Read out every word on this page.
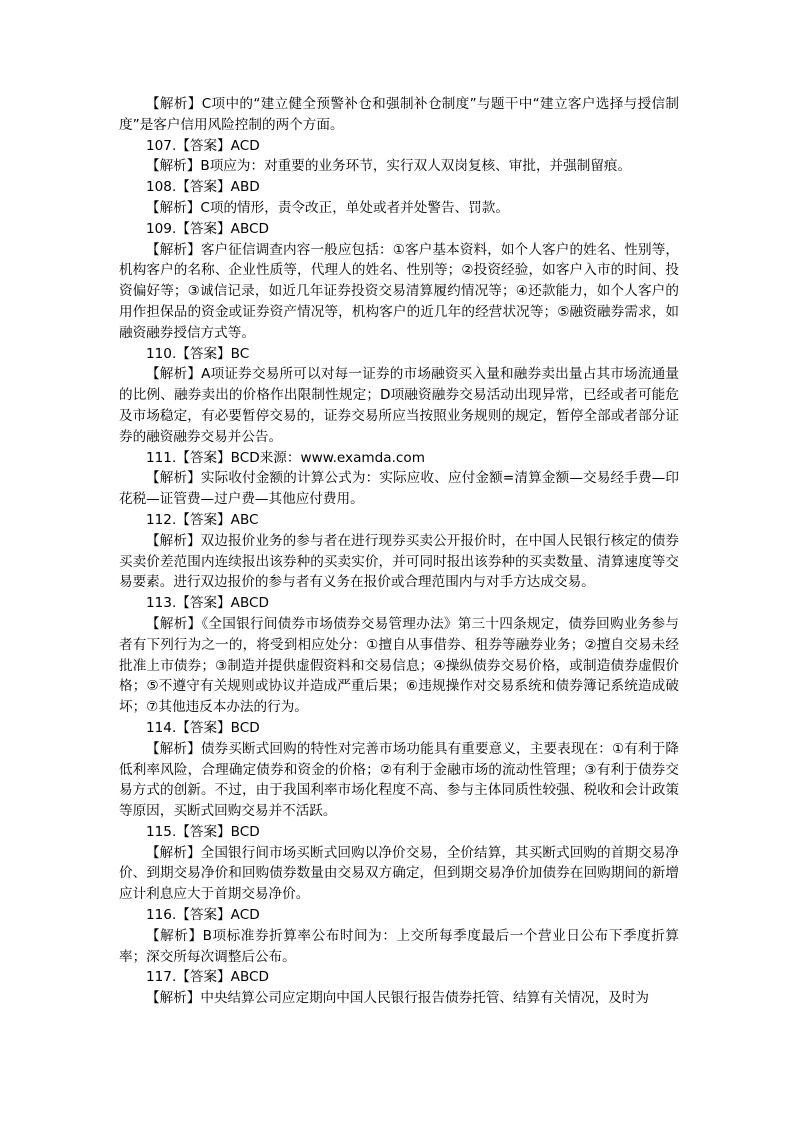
【解析】C项中的“建立健全预警补仓和强制补仓制度”与题干中“建立客户选择与授信制度”是客户信用风险控制的两个方面。

107.【答案】ACD

【解析】B项应为：对重要的业务环节，实行双人双岗复核、审批，并强制留痕。

108.【答案】ABD

【解析】C项的情形，责令改正，单处或者并处警告、罚款。

109.【答案】ABCD

【解析】客户征信调查内容一般应包括：①客户基本资料，如个人客户的姓名、性别等，机构客户的名称、企业性质等，代理人的姓名、性别等；②投资经验，如客户入市的时间、投资偏好等；③诚信记录，如近几年证券投资交易清算履约情况等；④还款能力，如个人客户的用作担保品的资金或证券资产情况等，机构客户的近几年的经营状况等；⑤融资融券需求，如融资融券授信方式等。

110.【答案】BC

【解析】A项证券交易所可以对每一证券的市场融资买入量和融券卖出量占其市场流通量的比例、融券卖出的价格作出限制性规定；D项融资融券交易活动出现异常，已经或者可能危及市场稳定，有必要暂停交易的，证券交易所应当按照业务规则的规定，暂停全部或者部分证券的融资融券交易并公告。

111.【答案】BCD来源：www.examda.com

【解析】实际收付金额的计算公式为：实际应收、应付金额=清算金额—交易经手费—印花税—证管费—过户费—其他应付费用。

112.【答案】ABC

【解析】双边报价业务的参与者在进行现券买卖公开报价时，在中国人民银行核定的债券买卖价差范围内连续报出该券种的买卖实价，并可同时报出该券种的买卖数量、清算速度等交易要素。进行双边报价的参与者有义务在报价或合理范围内与对手方达成交易。

113.【答案】ABCD

【解析】《全国银行间债券市场债券交易管理办法》第三十四条规定，债券回购业务参与者有下列行为之一的，将受到相应处分：①擅自从事借券、租券等融券业务；②擅自交易未经批准上市债券；③制造并提供虚假资料和交易信息；④操纵债券交易价格，或制造债券虚假价格；⑤不遵守有关规则或协议并造成严重后果；⑥违规操作对交易系统和债券簿记系统造成破坏；⑦其他违反本办法的行为。

114.【答案】BCD

【解析】债券买断式回购的特性对完善市场功能具有重要意义，主要表现在：①有利于降低利率风险，合理确定债券和资金的价格；②有利于金融市场的流动性管理；③有利于债券交易方式的创新。不过，由于我国利率市场化程度不高、参与主体同质性较强、税收和会计政策等原因，买断式回购交易并不活跃。

115.【答案】BCD

【解析】全国银行间市场买断式回购以净价交易，全价结算，其买断式回购的首期交易净价、到期交易净价和回购债券数量由交易双方确定，但到期交易净价加债券在回购期间的新增应计利息应大于首期交易净价。

116.【答案】ACD

【解析】B项标准券折算率公布时间为：上交所每季度最后一个营业日公布下季度折算率；深交所每次调整后公布。

117.【答案】ABCD

【解析】中央结算公司应定期向中国人民银行报告债券托管、结算有关情况，及时为
